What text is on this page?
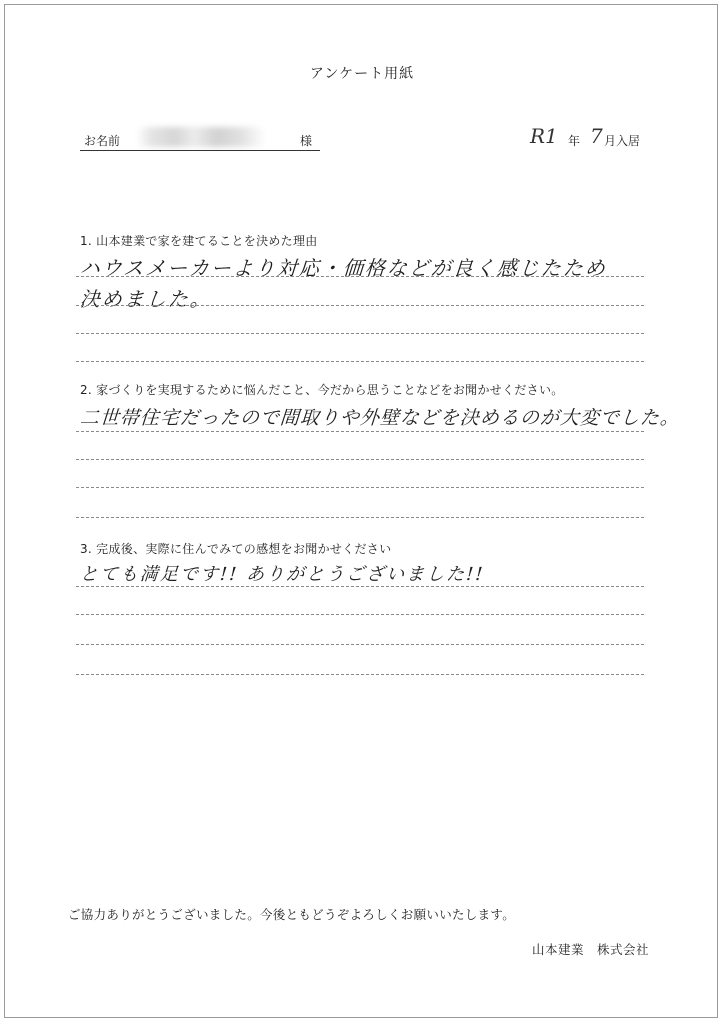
アンケート用紙
お名前	様	R1 年 7 月入居
1. 山本建業で家を建てることを決めた理由
ハウスメーカーより対応・価格などが良く感じたため
決めました。
2. 家づくりを実現するために悩んだこと、今だから思うことなどをお聞かせください。
二世帯住宅だったので間取りや外壁などを決めるのが大変でした。
3. 完成後、実際に住んでみての感想をお聞かせください
とても満足です!! ありがとうございました!!
ご協力ありがとうございました。今後ともどうぞよろしくお願いいたします。
山本建業　株式会社
